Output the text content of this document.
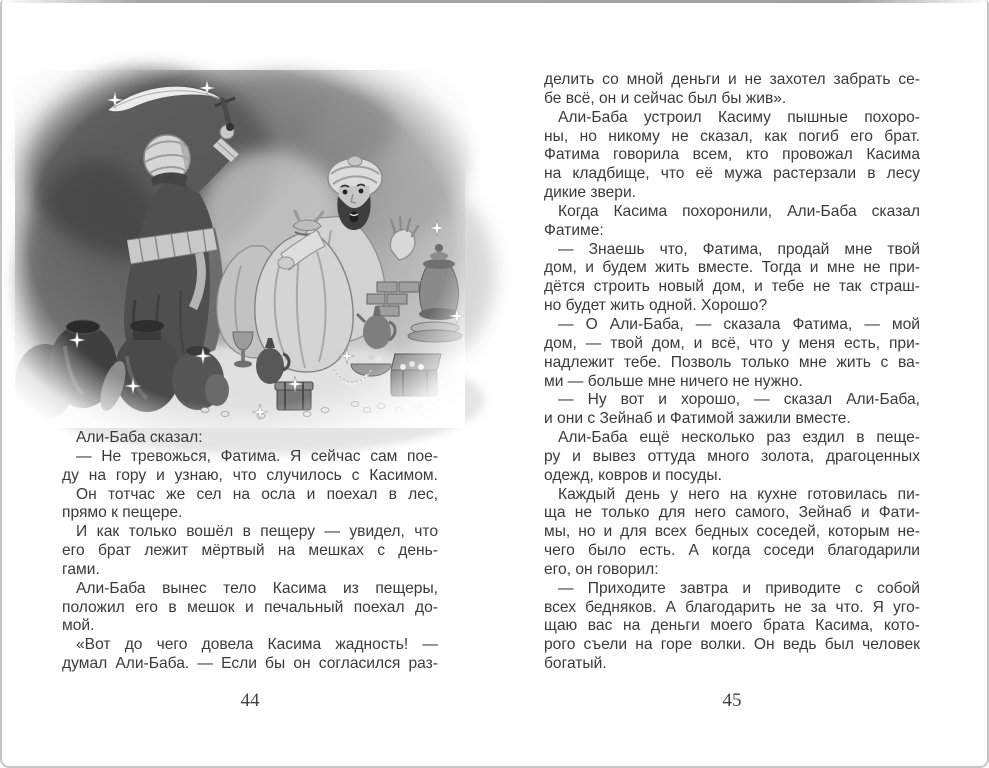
Али-Баба сказал:
— Не тревожься, Фатима. Я сейчас сам пое-
ду на гору и узнаю, что случилось с Касимом.
Он тотчас же сел на осла и поехал в лес,
прямо к пещере.
И как только вошёл в пещеру — увидел, что
его брат лежит мёртвый на мешках с день-
гами.
Али-Баба вынес тело Касима из пещеры,
положил его в мешок и печальный поехал до-
мой.
«Вот до чего довела Касима жадность! —
думал Али-Баба. — Если бы он согласился раз-
44
делить со мной деньги и не захотел забрать се-
бе всё, он и сейчас был бы жив».
Али-Баба устроил Касиму пышные похоро-
ны, но никому не сказал, как погиб его брат.
Фатима говорила всем, кто провожал Касима
на кладбище, что её мужа растерзали в лесу
дикие звери.
Когда Касима похоронили, Али-Баба сказал
Фатиме:
— Знаешь что, Фатима, продай мне твой
дом, и будем жить вместе. Тогда и мне не при-
дётся строить новый дом, и тебе не так страш-
но будет жить одной. Хорошо?
— О Али-Баба, — сказала Фатима, — мой
дом, — твой дом, и всё, что у меня есть, при-
надлежит тебе. Позволь только мне жить с ва-
ми — больше мне ничего не нужно.
— Ну вот и хорошо, — сказал Али-Баба,
и они с Зейнаб и Фатимой зажили вместе.
Али-Баба ещё несколько раз ездил в пеще-
ру и вывез оттуда много золота, драгоценных
одежд, ковров и посуды.
Каждый день у него на кухне готовилась пи-
ща не только для него самого, Зейнаб и Фати-
мы, но и для всех бедных соседей, которым не-
чего было есть. А когда соседи благодарили
его, он говорил:
— Приходите завтра и приводите с собой
всех бедняков. А благодарить не за что. Я уго-
щаю вас на деньги моего брата Касима, кото-
рого съели на горе волки. Он ведь был человек
богатый.
45
